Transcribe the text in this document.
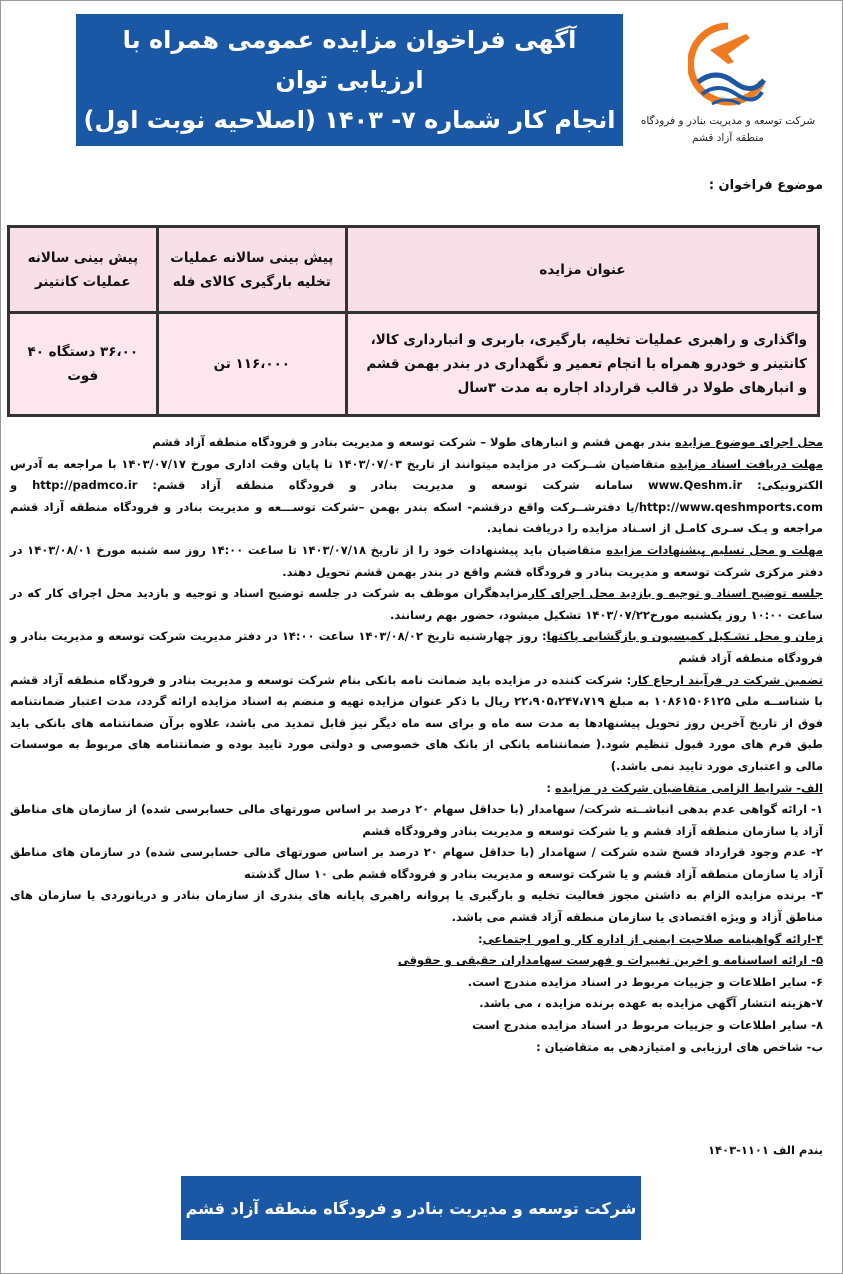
آگهی فراخوان مزایده عمومی همراه با ارزیابی توان
انجام کار شماره ۷- ۱۴۰۳ (اصلاحیه نوبت اول)	شرکت توسعه و مدیریت بنادر و فرودگاه
منطقه آزاد قشم
موضوع فراخوان :
عنوان مزایده	پیش بینی سالانه عملیات تخلیه بارگیری کالای فله	پیش بینی سالانه عملیات کانتینر
واگذاری و راهبری عملیات تخلیه، بارگیری، باربری و انبارداری کالا، کانتینر و خودرو همراه با انجام تعمیر و نگهداری در بندر بهمن قشم و انبارهای طولا در قالب قرارداد اجاره به مدت ۳سال	۱۱۶،۰۰۰ تن	۳۶،۰۰ دستگاه ۴۰ فوت

محل اجرای موضوع مزایده بندر بهمن قشم و انبارهای طولا – شرکت توسعه و مدیریت بنادر و فرودگاه منطقه آزاد قشم

مهلت دریافت اسناد مزایده متقاضیان شــرکت در مزایده میتوانند از تاریخ ۱۴۰۳/۰۷/۰۳ تا پایان وقت اداری مورخ ۱۴۰۳/۰۷/۱۷ با مراجعه به آدرس الکترونیکی: www.Qeshm.ir سامانه شرکت توسعه و مدیریت بنادر و فرودگاه منطقه آزاد قشم: http://padmco.ir و http://www.qeshmports.com/یا دفترشــرکت واقع درقشم- اسکه بندر بهمن –شرکت توســـعه و مدیریت بنادر و فرودگاه منطقه آزاد قشم مراجعه و یـک سـری کامـل از اسـناد مزایده را دریافت نماید.

مهلت و محل تسلیم پیشنهادات مزایده متقاضیان باید پیشنهادات خود را از تاریخ ۱۴۰۳/۰۷/۱۸ تا ساعت ۱۴:۰۰ روز سه شنبه مورخ ۱۴۰۳/۰۸/۰۱ در دفتر مرکزی شرکت توسعه و مدیریت بنادر و فرودگاه قشم واقع در بندر بهمن قشم تحویل دهند.

جلسه توضیح اسناد و توجیه و بازدید محل اجرای کارمزایدهگران موظف به شرکت در جلسه توضیح اسناد و توجیه و بازدید محل اجرای کار که در ساعت ۱۰:۰۰ روز یکشنبه مورخ۱۴۰۳/۰۷/۲۲ تشکیل میشود، حضور بهم رسانند.

زمان و محل تشـکیل کمیسیون و بازگشایی پاکتها: روز چهارشنبه تاریخ ۱۴۰۳/۰۸/۰۲ ساعت ۱۴:۰۰ در دفتر مدیریت شرکت توسعه و مدیریت بنادر و فرودگاه منطقه آزاد قشم

تضمین شرکت در فرآیند ارجاع کار: شرکت کننده در مزایده باید ضمانت نامه بانکی بنام شرکت توسعه و مدیریت بنادر و فرودگاه منطقه آزاد قشم با شناســه ملی ۱۰۸۶۱۵۰۶۱۲۵ به مبلغ ۲۲،۹۰۵،۲۴۷،۷۱۹ ریال با ذکر عنوان مزایده تهیه و منضم به اسناد مزایده ارائه گردد، مدت اعتبار ضمانتنامه فوق از تاریخ آخرین روز تحویل پیشنهادها به مدت سه ماه و برای سه ماه دیگر نیز قابل تمدید می باشد، علاوه برآن ضمانتنامه های بانکی باید طبق فرم های مورد قبول تنظیم شود.( ضمانتنامه بانکی از بانک های خصوصی و دولتی مورد تایید بوده و ضمانتنامه های مربوط به موسسات مالی و اعتباری مورد تایید نمی باشد.)

الف- شرایط الزامی متقاضیان شرکت در مزایده :

۱- ارائه گواهی عدم بدهی انباشــته شرکت/ سهامدار (با حداقل سهام ۲۰ درصد بر اساس صورتهای مالی حسابرسی شده) از سازمان های مناطق آزاد یا سازمان منطقه آزاد قشم و یا شرکت توسعه و مدیریت بنادر وفرودگاه قشم

۲- عدم وجود قرارداد فسخ شده شرکت / سهامدار (با حداقل سهام ۲۰ درصد بر اساس صورتهای مالی حسابرسی شده) در سازمان های مناطق آزاد یا سازمان منطقه آزاد قشم و یا شرکت توسعه و مدیریت بنادر و فرودگاه قشم طی ۱۰ سال گذشته

۳- برنده مزایده الزام به داشتن مجوز فعالیت تخلیه و بارگیری یا پروانه راهبری پایانه های بندری از سازمان بنادر و دریانوردی یا سازمان های مناطق آزاد و ویژه اقتصادی یا سازمان منطقه آزاد قشم می باشد.

۴-ارائه گواهینامه صلاحیت ایمنی از اداره کار و امور اجتماعی:

۵- ارائه اساسنامه و اخرین تغییرات و فهرست سهامداران حقیقی و حقوقی

۶- سایر اطلاعات و جزییات مربوط در اسناد مزایده مندرج است.

۷-هزینه انتشار آگهی مزایده به عهده برنده مزایده ، می باشد.

۸- سایر اطلاعات و جزییات مربوط در اسناد مزایده مندرج است

ب- شاخص های ارزیابی و امتیازدهی به متقاضیان :

بندم الف ۱۱۰۱-۱۴۰۳
شرکت توسعه و مدیریت بنادر و فرودگاه منطقه آزاد قشم
